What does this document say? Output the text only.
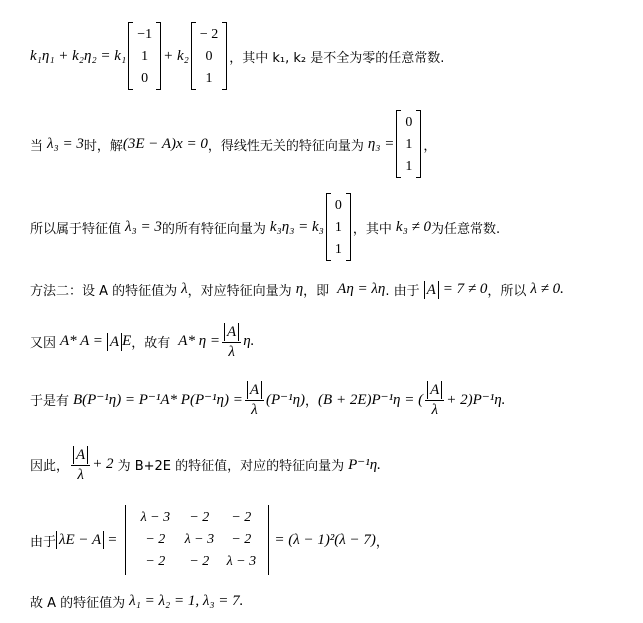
k₁η₁ + k₂η₂ = k₁
−1
1
0
+ k₂
− 2
0
1
，其中 k₁, k₂ 是不全为零的任意常数.
当 λ₃ = 3 时，解 (3E − A)x = 0 ，得线性无关的特征向量为 η₃ =
0
1
1
，
所以属于特征值 λ₃ = 3 的所有特征向量为 k₃η₃ = k₃
0
1
1
，其中 k₃ ≠ 0 为任意常数.
方法二：设 A 的特征值为 λ ，对应特征向量为 η ，即 Aη = λη . 由于 A = 7 ≠ 0 ，所以 λ ≠ 0.
又因 A* A = A E ，故有 A* $\eta = \frac{A}{\lambda} \eta$.
于是有 B(P⁻¹η) = P⁻¹A* $P(P^{-1}\eta) = \frac{A}{\lambda} (P^{-1}\eta)$ ， (B + 2E)P⁻¹η = ( $\frac{A}{\lambda} + 2)P^{-1}\eta$.
因此， $\frac{A}{\lambda} + 2$ 为 B+2E 的特征值，对应的特征向量为 P⁻¹η.
由于 λE − A =
λ − 3	− 2	− 2
− 2	λ − 3	− 2
− 2	− 2	λ − 3
= (λ − 1)²(λ − 7) ，
故 A 的特征值为 λ₁ = λ₂ = 1, λ₃ = 7.
